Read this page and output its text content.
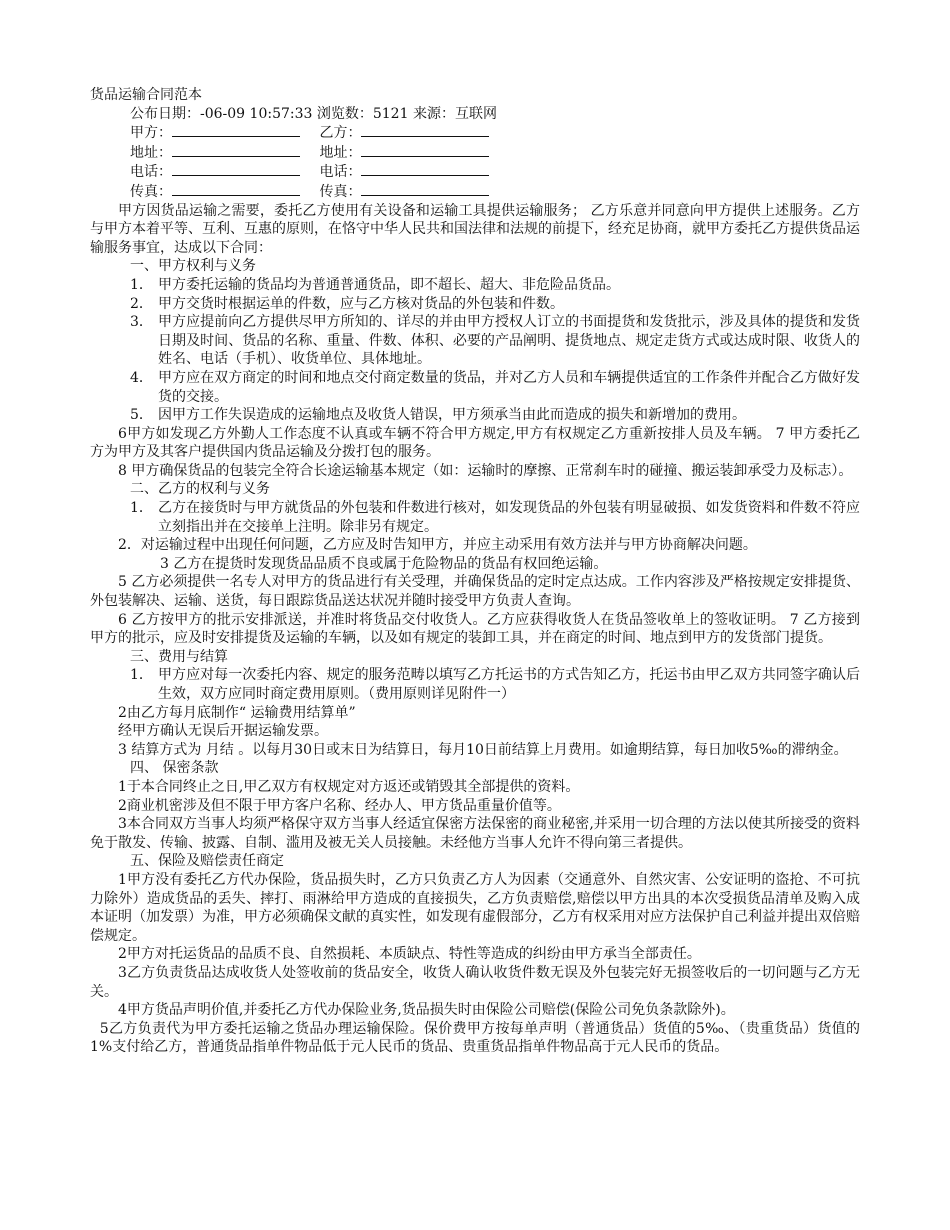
货品运输合同范本
公布日期：-06-09 10:57:33 浏览数：5121 来源：互联网
甲方：	乙方：
地址：	地址：
电话：	电话：
传真：	传真：
甲方因货品运输之需要，委托乙方使用有关设备和运输工具提供运输服务； 乙方乐意并同意向甲方提供上述服务。乙方与甲方本着平等、互利、互惠的原则，在恪守中华人民共和国法律和法规的前提下，经充足协商，就甲方委托乙方提供货品运输服务事宜，达成以下合同：
一、甲方权利与义务
1． 甲方委托运输的货品均为普通普通货品，即不超长、超大、非危险品货品。
2． 甲方交货时根据运单的件数，应与乙方核对货品的外包装和件数。
3． 甲方应提前向乙方提供尽甲方所知的、详尽的并由甲方授权人订立的书面提货和发货批示，涉及具体的提货和发货日期及时间、货品的名称、重量、件数、体积、必要的产品阐明、提货地点、规定走货方式或达成时限、收货人的姓名、电话（手机）、收货单位、具体地址。
4． 甲方应在双方商定的时间和地点交付商定数量的货品，并对乙方人员和车辆提供适宜的工作条件并配合乙方做好发货的交接。
5． 因甲方工作失误造成的运输地点及收货人错误，甲方须承当由此而造成的损失和新增加的费用。
6甲方如发现乙方外勤人工作态度不认真或车辆不符合甲方规定,甲方有权规定乙方重新按排人员及车辆。 7 甲方委托乙方为甲方及其客户提供国内货品运输及分拨打包的服务。
8 甲方确保货品的包装完全符合长途运输基本规定（如：运输时的摩擦、正常刹车时的碰撞、搬运装卸承受力及标志）。
二、乙方的权利与义务
1． 乙方在接货时与甲方就货品的外包装和件数进行核对，如发现货品的外包装有明显破损、如发货资料和件数不符应立刻指出并在交接单上注明。除非另有规定。
2．对运输过程中出现任何问题，乙方应及时告知甲方，并应主动采用有效方法并与甲方协商解决问题。
3 乙方在提货时发现货品品质不良或属于危险物品的货品有权回绝运输。
5 乙方必须提供一名专人对甲方的货品进行有关受理，并确保货品的定时定点达成。工作内容涉及严格按规定安排提货、外包装解决、运输、送货，每日跟踪货品送达状况并随时接受甲方负责人查询。
6 乙方按甲方的批示安排派送，并准时将货品交付收货人。乙方应获得收货人在货品签收单上的签收证明。 7 乙方接到甲方的批示，应及时安排提货及运输的车辆，以及如有规定的装卸工具，并在商定的时间、地点到甲方的发货部门提货。
三、费用与结算
1． 甲方应对每一次委托内容、规定的服务范畴以填写乙方托运书的方式告知乙方，托运书由甲乙双方共同签字确认后生效，双方应同时商定费用原则。（费用原则详见附件一）
2由乙方每月底制作“ 运输费用结算单”
经甲方确认无误后开据运输发票。
3 结算方式为 月结 。以每月30日或末日为结算日，每月10日前结算上月费用。如逾期结算，每日加收5‰的滞纳金。
四、 保密条款
1于本合同终止之日,甲乙双方有权规定对方返还或销毁其全部提供的资料。
2商业机密涉及但不限于甲方客户名称、经办人、甲方货品重量价值等。
3本合同双方当事人均须严格保守双方当事人经适宜保密方法保密的商业秘密,并采用一切合理的方法以使其所接受的资料免于散发、传输、披露、自制、滥用及被无关人员接触。未经他方当事人允许不得向第三者提供。
五、保险及赔偿责任商定
1甲方没有委托乙方代办保险，货品损失时，乙方只负责乙方人为因素（交通意外、自然灾害、公安证明的盗抢、不可抗力除外）造成货品的丢失、摔打、雨淋给甲方造成的直接损失，乙方负责赔偿,赔偿以甲方出具的本次受损货品清单及购入成本证明（加发票）为准，甲方必须确保文献的真实性，如发现有虚假部分，乙方有权采用对应方法保护自己利益并提出双倍赔偿规定。
2甲方对托运货品的品质不良、自然损耗、本质缺点、特性等造成的纠纷由甲方承当全部责任。
3乙方负责货品达成收货人处签收前的货品安全，收货人确认收货件数无误及外包装完好无损签收后的一切问题与乙方无关。
4甲方货品声明价值,并委托乙方代办保险业务,货品损失时由保险公司赔偿(保险公司免负条款除外)。
5乙方负责代为甲方委托运输之货品办理运输保险。保价费甲方按每单声明（普通货品）货值的5‰、（贵重货品）货值的1%支付给乙方，普通货品指单件物品低于元人民币的货品、贵重货品指单件物品高于元人民币的货品。
